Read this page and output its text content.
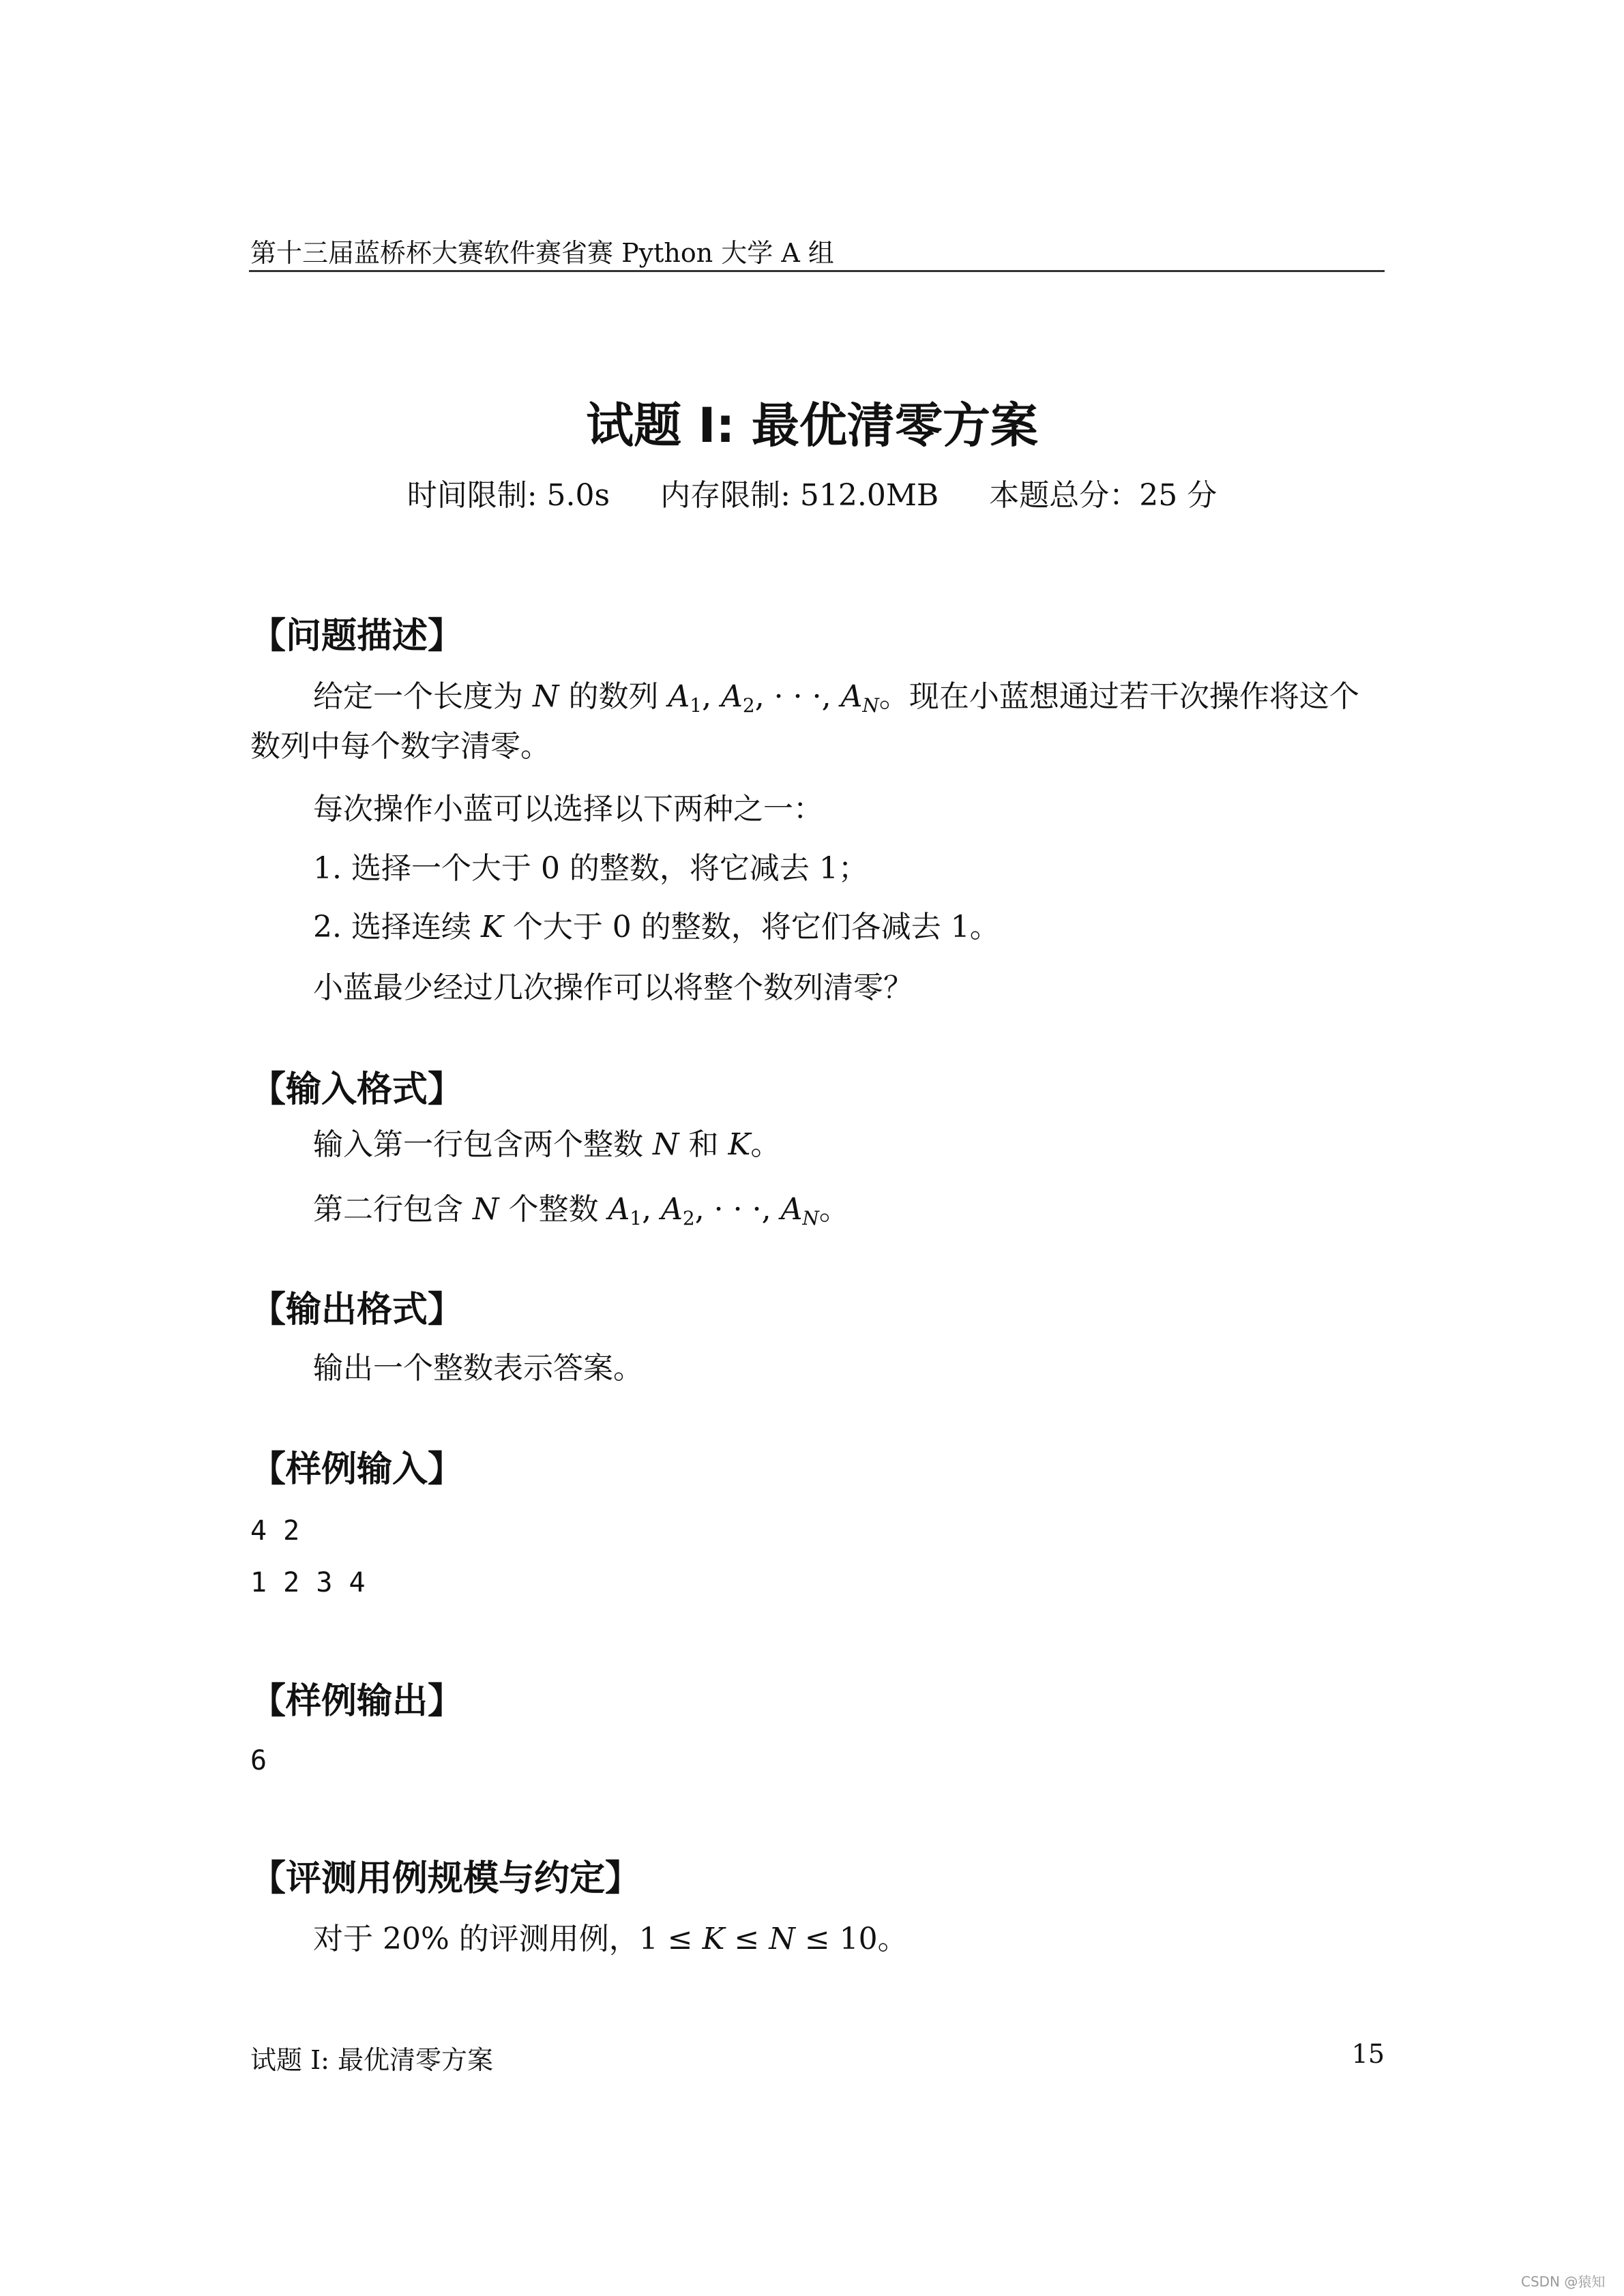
第十三届蓝桥杯大赛软件赛省赛 Python 大学 A 组
试题 I: 最优清零方案
时间限制: 5.0s 内存限制: 512.0MB 本题总分：25 分
【问题描述】
给定一个长度为 N 的数列 $A_1$, $A_2$, · · ·, $A_N$。现在小蓝想通过若干次操作将这个数列中每个数字清零。
每次操作小蓝可以选择以下两种之一：
1. 选择一个大于 0 的整数，将它减去 1；
2. 选择连续 K 个大于 0 的整数，将它们各减去 1。
小蓝最少经过几次操作可以将整个数列清零？
【输入格式】
输入第一行包含两个整数 N 和 K。
第二行包含 N 个整数 $A_1$, $A_2$, · · ·, $A_N$。
【输出格式】
输出一个整数表示答案。
【样例输入】
4 2
1 2 3 4
【样例输出】
6
【评测用例规模与约定】
对于 20% 的评测用例，1 ≤ K ≤ N ≤ 10。
试题 I: 最优清零方案	15
CSDN @猿知
